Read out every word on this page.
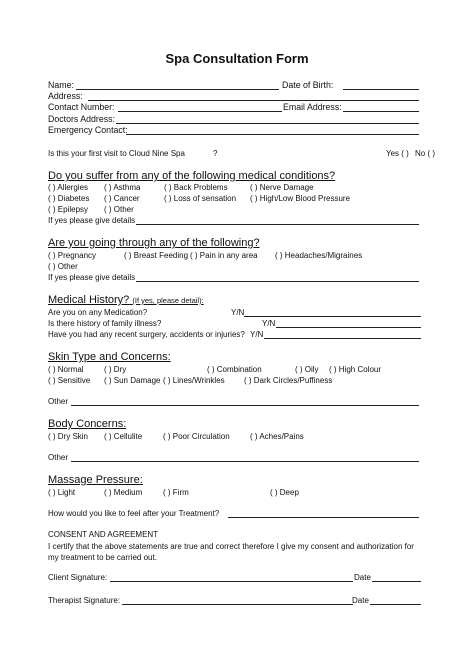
Spa Consultation Form
Name:	Date of Birth:
Address:
Contact Number:	Email Address:
Doctors Address:
Emergency Contact:
Is this your first visit to Cloud Nine Spa	?	Yes ( ) No ( )
Do you suffer from any of the following medical conditions?
( ) Allergies ( ) Asthma	( ) Back Problems	( ) Nerve Damage
( ) Diabetes ( ) Cancer	( ) Loss of sensation ( ) High/Low Blood Pressure
( ) Epilepsy ( ) Other
If yes please give details
Are you going through any of the following?
( ) Pregnancy	( ) Breast Feeding ( ) Pain in any area ( ) Headaches/Migraines
( ) Other
If yes please give details
Medical History? (If yes, please detail):
Are you on any Medication?	Y/N
Is there history of family illness?	Y/N
Have you had any recent surgery, accidents or injuries? Y/N
Skin Type and Concerns:
( ) Normal	( ) Dry	( ) Combination	( ) Oily ( ) High Colour
( ) Sensitive ( ) Sun Damage ( ) Lines/Wrinkles ( ) Dark Circles/Puffiness
Other
Body Concerns:
( ) Dry Skin ( ) Cellulite	( ) Poor Circulation	( ) Aches/Pains
Other
Massage Pressure:
( ) Light	( ) Medium	( ) Firm	( ) Deep
How would you like to feel after your Treatment?
CONSENT AND AGREEMENT
I certify that the above statements are true and correct therefore I give my consent and authorization for
my treatment to be carried out.
Client Signature:	Date
Therapist Signature:	Date
